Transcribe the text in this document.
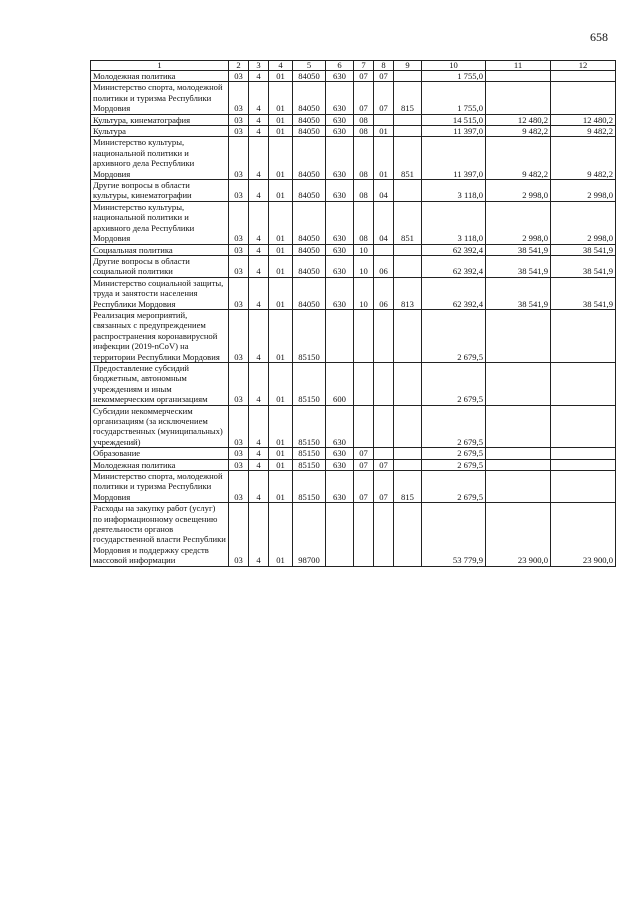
658
1	2	3	4	5	6	7	8	9	10	11	12
Молодежная политика	03	4	01	84050	630	07	07		1 755,0		
Министерство спорта, молодежной политики и туризма Республики Мордовия	03	4	01	84050	630	07	07	815	1 755,0		
Культура, кинематография	03	4	01	84050	630	08			14 515,0	12 480,2	12 480,2
Культура	03	4	01	84050	630	08	01		11 397,0	9 482,2	9 482,2
Министерство культуры, национальной политики и архивного дела Республики Мордовия	03	4	01	84050	630	08	01	851	11 397,0	9 482,2	9 482,2
Другие вопросы в области культуры, кинематографии	03	4	01	84050	630	08	04		3 118,0	2 998,0	2 998,0
Министерство культуры, национальной политики и архивного дела Республики Мордовия	03	4	01	84050	630	08	04	851	3 118,0	2 998,0	2 998,0
Социальная политика	03	4	01	84050	630	10			62 392,4	38 541,9	38 541,9
Другие вопросы в области социальной политики	03	4	01	84050	630	10	06		62 392,4	38 541,9	38 541,9
Министерство социальной защиты, труда и занятости населения Республики Мордовия	03	4	01	84050	630	10	06	813	62 392,4	38 541,9	38 541,9
Реализация мероприятий, связанных с предупреждением распространения коронавирусной инфекции (2019-nCoV) на территории Республики Мордовия	03	4	01	85150					2 679,5		
Предоставление субсидий бюджетным, автономным учреждениям и иным некоммерческим организациям	03	4	01	85150	600				2 679,5		
Субсидии некоммерческим организациям (за исключением государственных (муниципальных) учреждений)	03	4	01	85150	630				2 679,5		
Образование	03	4	01	85150	630	07			2 679,5		
Молодежная политика	03	4	01	85150	630	07	07		2 679,5		
Министерство спорта, молодежной политики и туризма Республики Мордовия	03	4	01	85150	630	07	07	815	2 679,5		
Расходы на закупку работ (услуг) по информационному освещению деятельности органов государственной власти Республики Мордовия и поддержку средств массовой информации	03	4	01	98700					53 779,9	23 900,0	23 900,0
